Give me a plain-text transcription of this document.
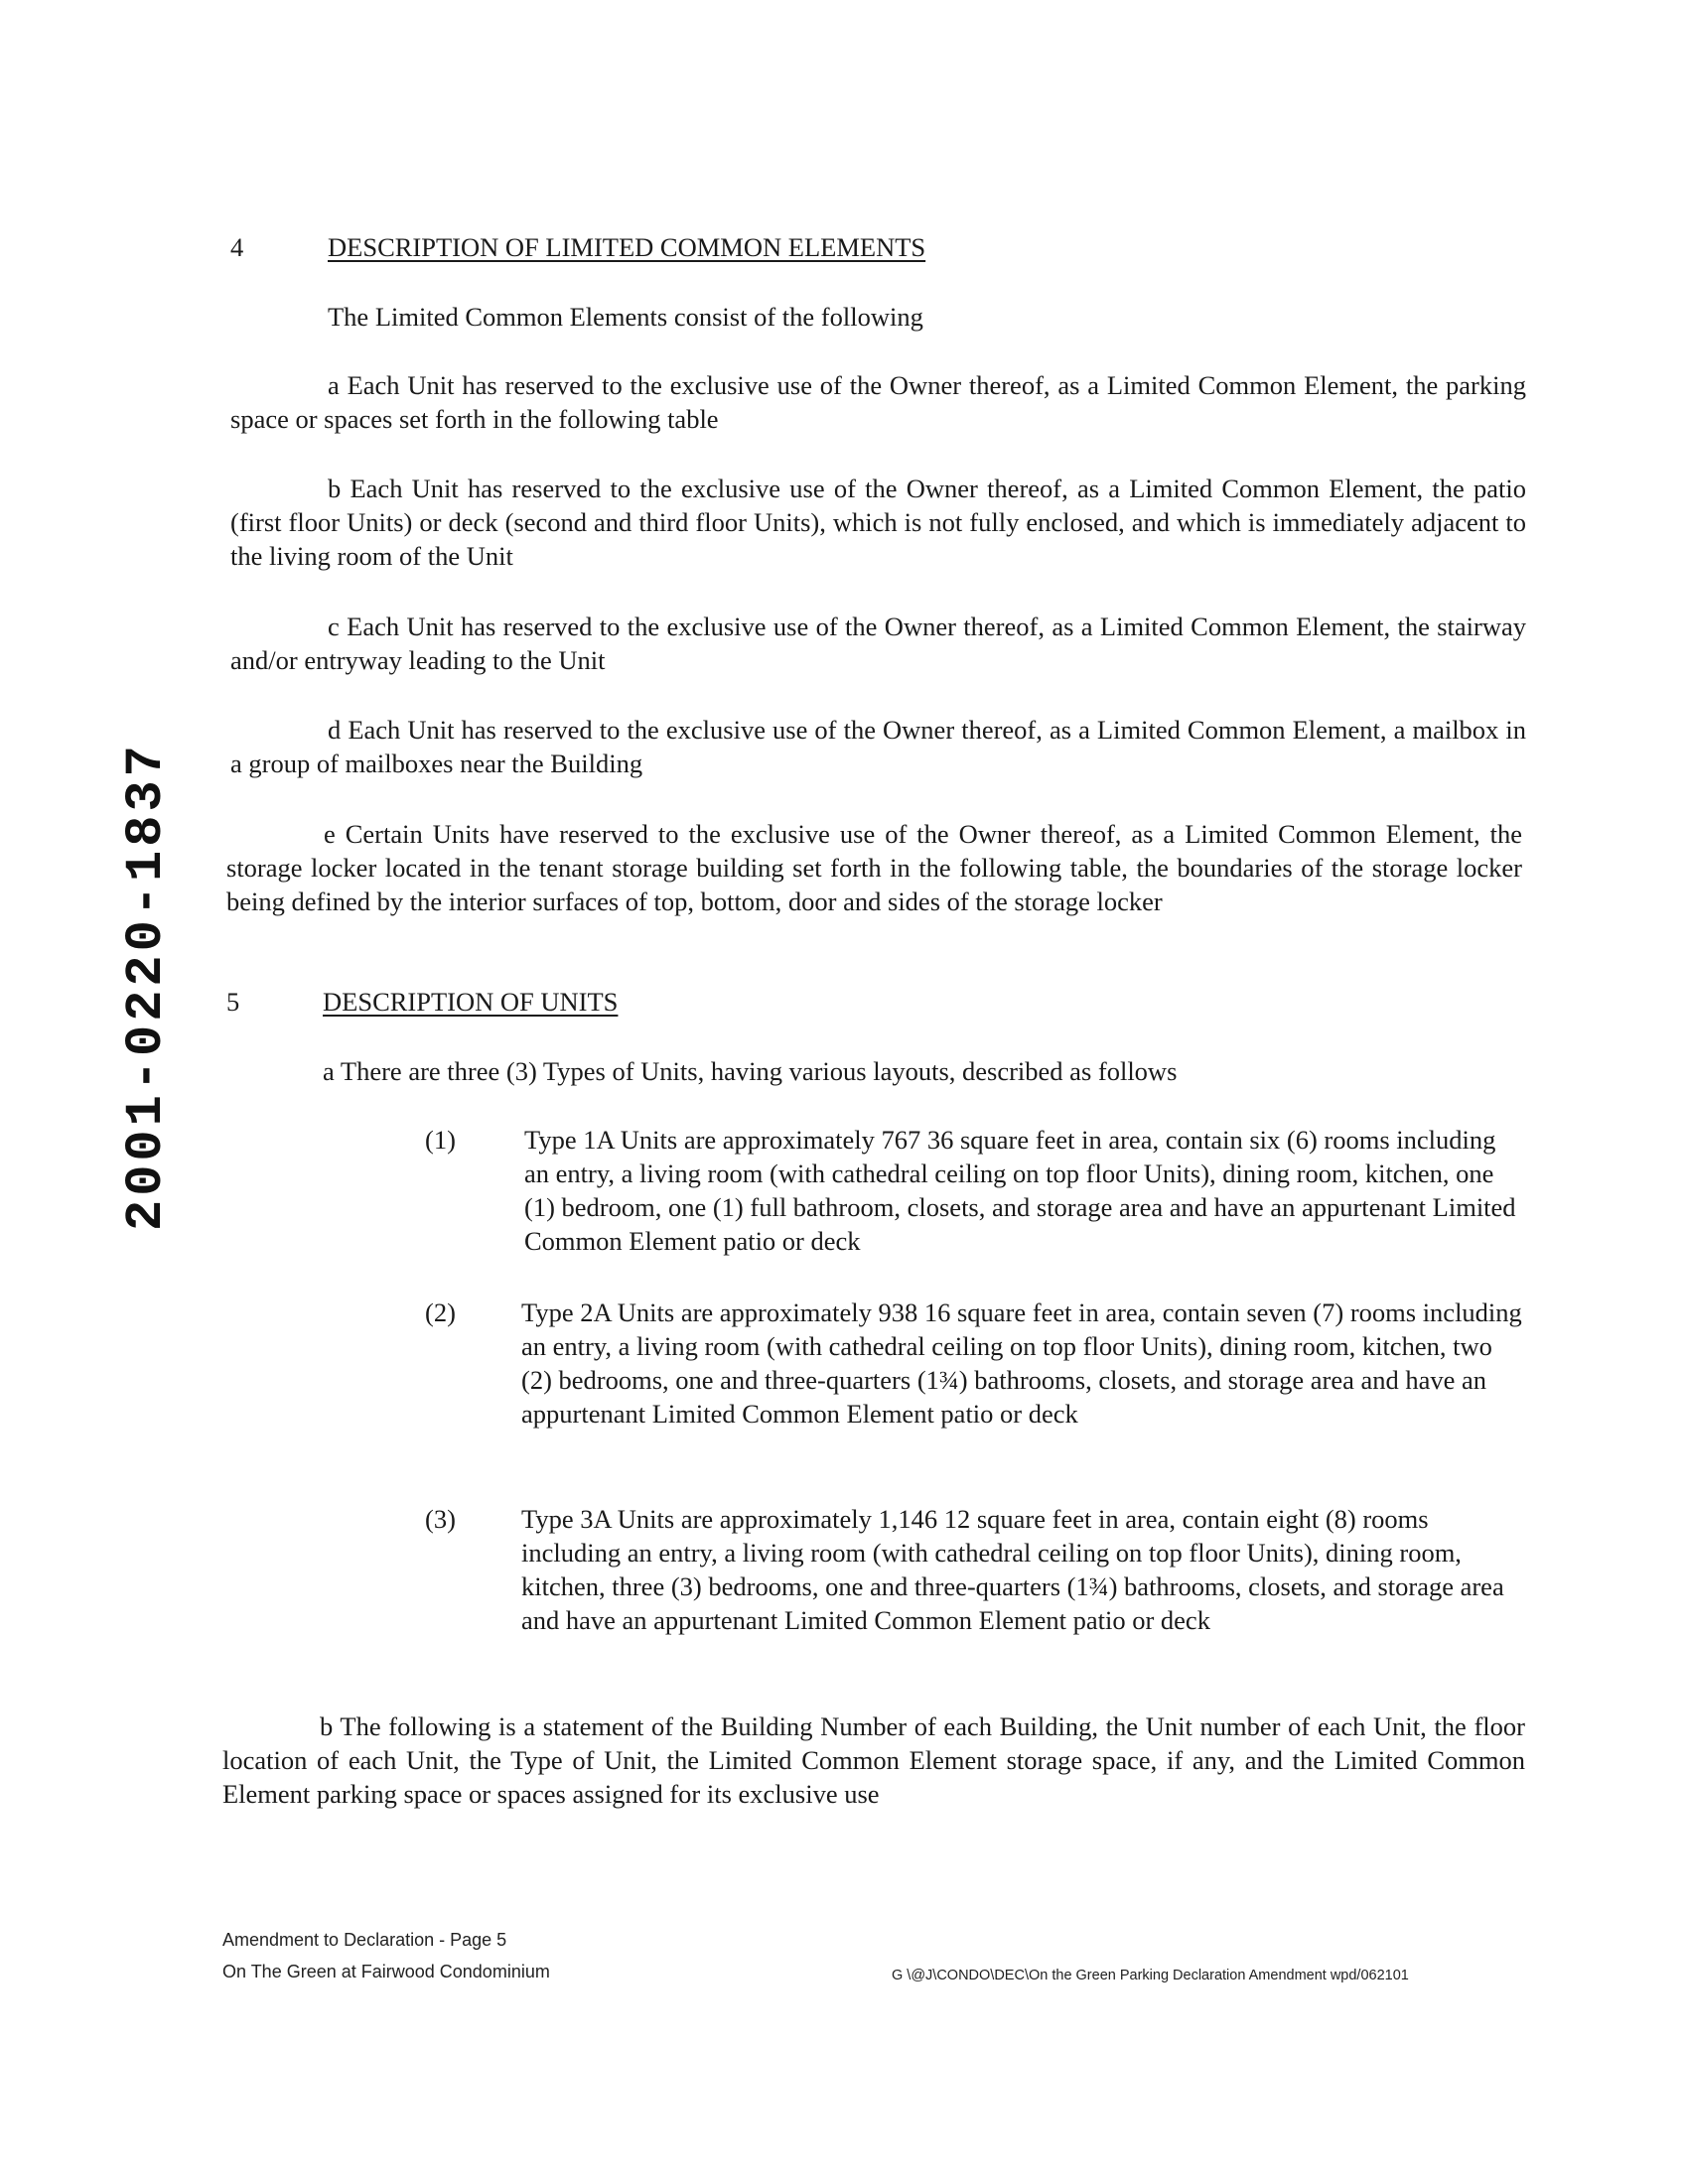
2001-0220-1837
4	DESCRIPTION OF LIMITED COMMON ELEMENTS
The Limited Common Elements consist of the following
a Each Unit has reserved to the exclusive use of the Owner thereof, as a Limited Common Element, the parking space or spaces set forth in the following table
b Each Unit has reserved to the exclusive use of the Owner thereof, as a Limited Common Element, the patio (first floor Units) or deck (second and third floor Units), which is not fully enclosed, and which is immediately adjacent to the living room of the Unit
c Each Unit has reserved to the exclusive use of the Owner thereof, as a Limited Common Element, the stairway and/or entryway leading to the Unit
d Each Unit has reserved to the exclusive use of the Owner thereof, as a Limited Common Element, a mailbox in a group of mailboxes near the Building
e Certain Units have reserved to the exclusive use of the Owner thereof, as a Limited Common Element, the storage locker located in the tenant storage building set forth in the following table, the boundaries of the storage locker being defined by the interior surfaces of top, bottom, door and sides of the storage locker
5	DESCRIPTION OF UNITS
a There are three (3) Types of Units, having various layouts, described as follows
(1)	Type 1A Units are approximately 767 36 square feet in area, contain six (6) rooms including an entry, a living room (with cathedral ceiling on top floor Units), dining room, kitchen, one (1) bedroom, one (1) full bathroom, closets, and storage area and have an appurtenant Limited Common Element patio or deck
(2) Type 2A Units are approximately 938 16 square feet in area, contain seven (7) rooms including an entry, a living room (with cathedral ceiling on top floor Units), dining room, kitchen, two (2) bedrooms, one and three-quarters (1¾) bathrooms, closets, and storage area and have an appurtenant Limited Common Element patio or deck
(3) Type 3A Units are approximately 1,146 12 square feet in area, contain eight (8) rooms including an entry, a living room (with cathedral ceiling on top floor Units), dining room, kitchen, three (3) bedrooms, one and three-quarters (1¾) bathrooms, closets, and storage area and have an appurtenant Limited Common Element patio or deck
b The following is a statement of the Building Number of each Building, the Unit number of each Unit, the floor location of each Unit, the Type of Unit, the Limited Common Element storage space, if any, and the Limited Common Element parking space or spaces assigned for its exclusive use
Amendment to Declaration - Page 5
On The Green at Fairwood Condominium	G \@J\CONDO\DEC\On the Green Parking Declaration Amendment wpd/062101
